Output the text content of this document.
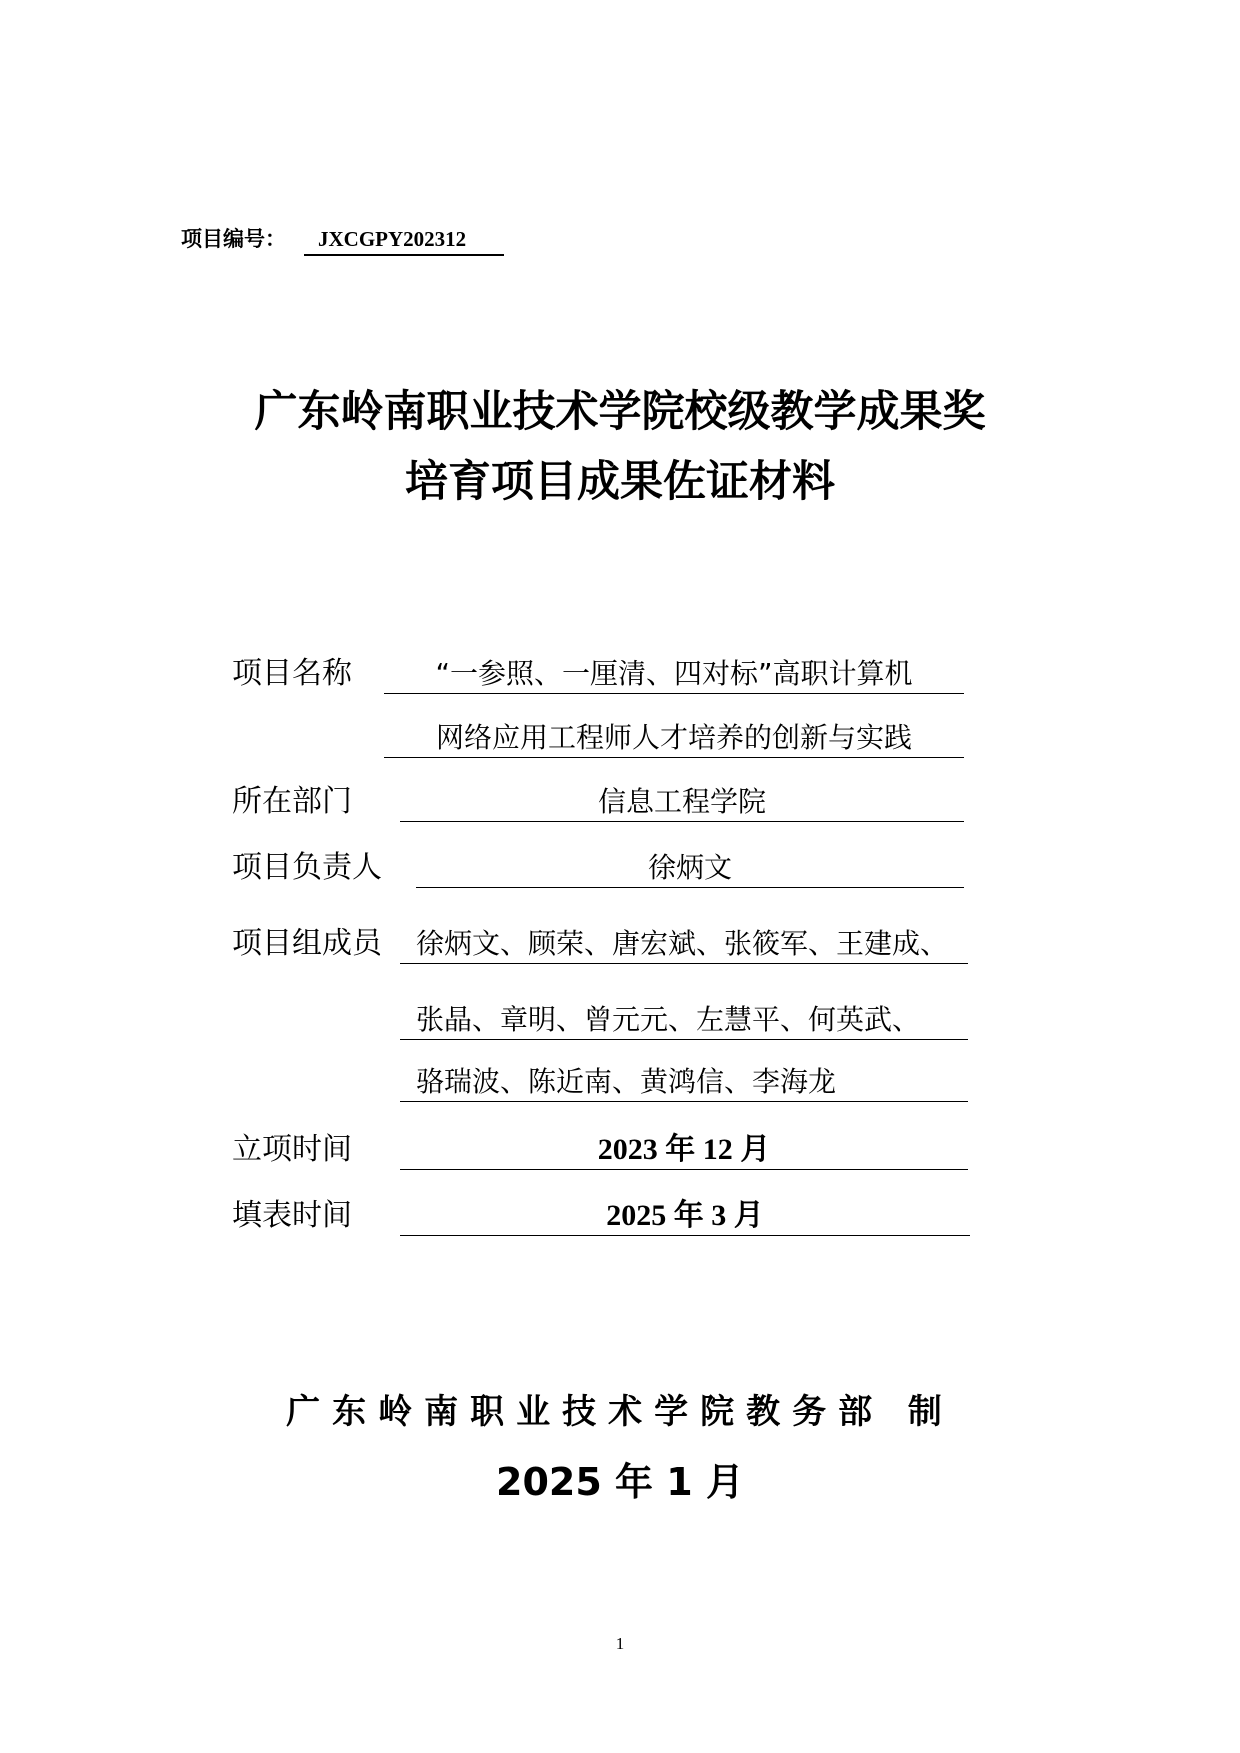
项目编号：	JXCGPY202312
广东岭南职业技术学院校级教学成果奖
培育项目成果佐证材料
项目名称	“一参照、一厘清、四对标”高职计算机
网络应用工程师人才培养的创新与实践
所在部门	信息工程学院
项目负责人	徐炳文
项目组成员	徐炳文、顾荣、唐宏斌、张筱军、王建成、
张晶、章明、曾元元、左慧平、何英武、
骆瑞波、陈近南、黄鸿信、李海龙
立项时间	2023 年 12 月
填表时间	2025 年 3 月
广东岭南职业技术学院教务部 制
2025 年 1 月
1
